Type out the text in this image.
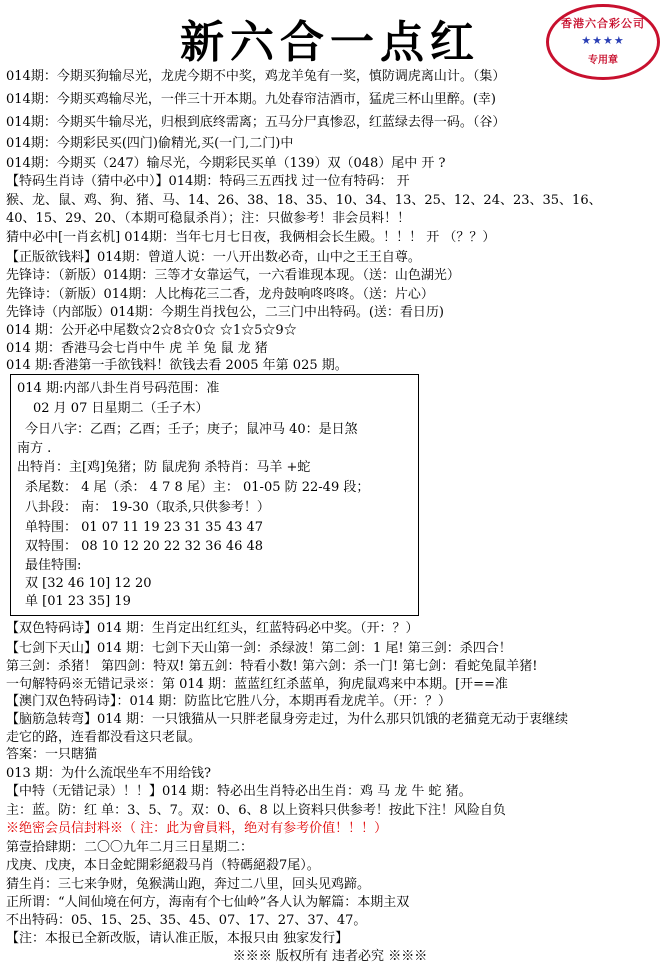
新六合一点红	香港六合彩公司
★★★★
专用章
014期：今期买狗输尽光，龙虎今期不中奖，鸡龙羊兔有一奖，慎防调虎离山计。（集）
014期：今期买鸡输尽光，一伴三十开本期。九处春帘洁酒市，猛虎三杯山里醉。(幸)
014期：今期买牛输尽光，归根到底终需离；五马分尸真惨忍，红蓝绿去得一码。（谷）
014期：今期彩民买(四门)偷精光,买(一门,二门)中
014期：今期买（247）输尽光，今期彩民买单（139）双（048）尾中 开 ?
【特码生肖诗（猜中必中）】014期：特码三五西找 过一位有特码： 开
猴、龙、鼠、鸡、狗、猪、马、14、26、38、18、35、10、34、13、25、12、24、23、35、16、
40、15、29、20、（本期可稳鼠杀肖）；注：只做参考！非会员料！！
猜中必中[一肖玄机] 014期：当年七月七日夜，我俩相会长生殿。！！！ 开 （？？）
【正版欲钱料】014期：曾道人说：一八开出数必奇，山中之王王自尊。
先锋诗：（新版）014期：三等才女靠运气，一六看谁现本现。（送：山色湖光）
先锋诗：（新版）014期：人比梅花三二香，龙舟鼓响咚咚咚。（送：片心）
先锋诗（内部版）014期：今期生肖找包公，二三门中出特码。(送：看日历)
014 期：公开必中尾数☆2☆8☆0☆ ☆1☆5☆9☆
014 期：香港马会七肖中牛 虎 羊 兔 鼠 龙 猪
014 期:香港第一手欲钱料！欲钱去看 2005 年第 025 期。
014 期:内部八卦生肖号码范围：准
02 月 07 日星期二（壬子木）
今日八字：乙酉；乙酉；壬子；庚子；鼠冲马 40：是日煞
南方 .
出特肖：主[鸡]兔猪；防 鼠虎狗 杀特肖：马羊 +蛇
杀尾数： 4 尾（杀： 4 7 8 尾）主： 01-05 防 22-49 段；
八卦段： 南： 19-30（取杀,只供参考！）
单特围： 01 07 11 19 23 31 35 43 47
双特围： 08 10 12 20 22 32 36 46 48
最佳特围:
双 [32 46 10] 12 20
单 [01 23 35] 19
【双色特码诗】014 期：生肖定出红红头，红蓝特码必中奖。（开：？）
【七剑下天山】014 期：七剑下天山第一剑：杀绿波！第二剑：1 尾! 第三剑：杀四合！
第三剑：杀猪！ 第四剑：特双! 第五剑：特看小数! 第六剑：杀一门! 第七剑：看蛇兔鼠羊猪!
一句解特码※无错记录※：第 014 期：蓝蓝红红杀蓝单，狗虎鼠鸡来中本期。[开==准
【澳门双色特码诗】：014 期：防监比它胜八分，本期再看龙虎羊。（开：？）
【脑筋急转弯】014 期：一只饿猫从一只胖老鼠身旁走过，为什么那只饥饿的老猫竟无动于衷继续
走它的路，连看都没看这只老鼠。
答案：一只瞎猫
013 期：为什么流氓坐车不用给钱?
【中特（无错记录）！！】014 期：特必出生肖特必出生肖：鸡 马 龙 牛 蛇 猪。
主：蓝。防：红 单：3、5、7。双：0、6、8 以上资料只供参考！按此下注！风险自负
※绝密会员信封料※（ 注：此为會員料，绝对有参考价值！！！）
第壹拾肆期：二〇〇九年二月三日星期二：
戊庚、戊庚，本日金蛇開彩絕殺马肖（特碼絕殺7尾）。
猜生肖：三七来争财，兔猴满山跑，奔过二八里，回头见鸡蹄。
正所谓：“人间仙境在何方，海南有个七仙岭”各人认为解篇：本期主双
不出特码：05、15、25、35、45、07、17、27、37、47。
【注：本报已全新改版，请认准正版，本报只由 独家发行】
※※※ 版权所有 违者必究 ※※※
